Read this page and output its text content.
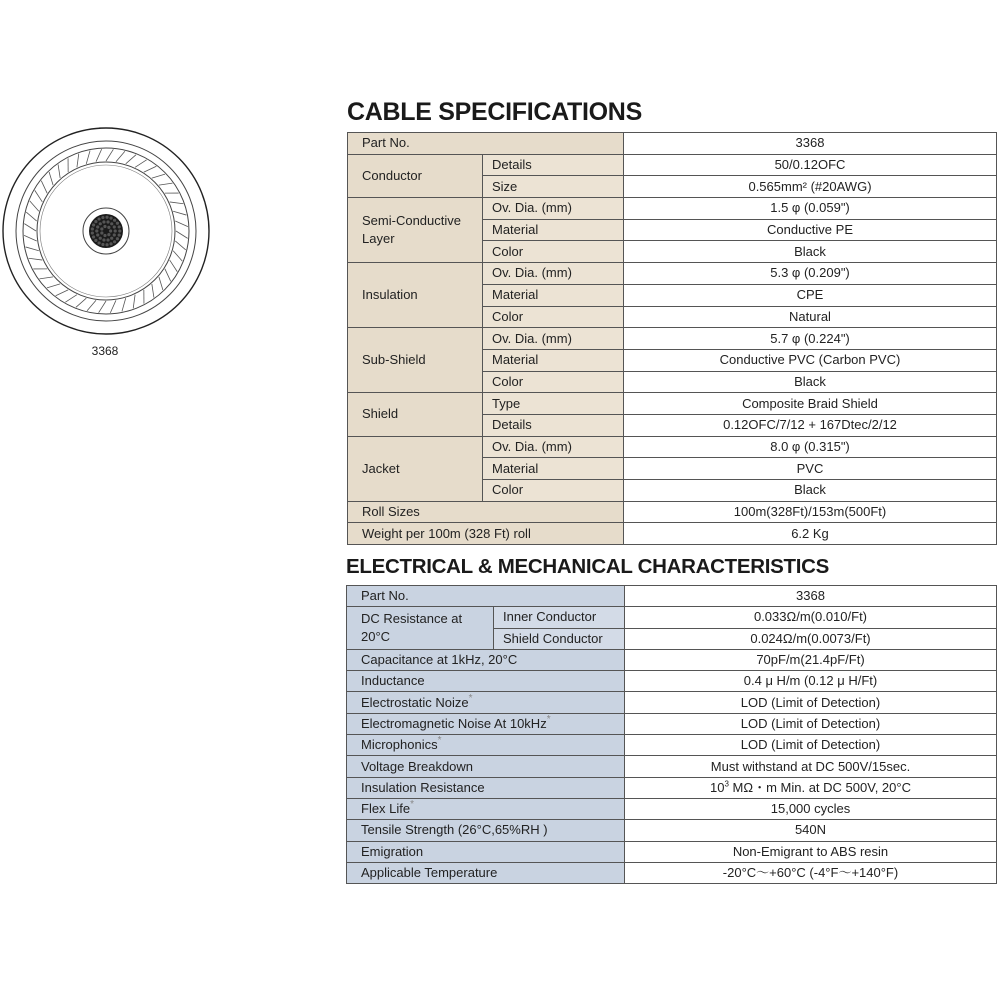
3368
CABLE SPECIFICATIONS
Part No.		3368
Conductor	Details	50/0.12OFC
	Size	0.565mm² (#20AWG)
Semi-Conductive Layer	Ov. Dia. (mm)	1.5 φ (0.059")
	Material	Conductive PE
	Color	Black
Insulation	Ov. Dia. (mm)	5.3 φ (0.209")
	Material	CPE
	Color	Natural
Sub-Shield	Ov. Dia. (mm)	5.7 φ (0.224")
	Material	Conductive PVC (Carbon PVC)
	Color	Black
Shield	Type	Composite Braid Shield
	Details	0.12OFC/7/12 + 167Dtec/2/12
Jacket	Ov. Dia. (mm)	8.0 φ (0.315")
	Material	PVC
	Color	Black
Roll Sizes		100m(328Ft)/153m(500Ft)
Weight per 100m (328 Ft) roll		6.2 Kg
ELECTRICAL & MECHANICAL CHARACTERISTICS
Part No.		3368
DC Resistance at 20°C	Inner Conductor	0.033Ω/m(0.010/Ft)
	Shield Conductor	0.024Ω/m(0.0073/Ft)
Capacitance at 1kHz, 20°C		70pF/m(21.4pF/Ft)
Inductance		0.4 μ H/m (0.12 μ H/Ft)
Electrostatic Noize*		LOD (Limit of Detection)
Electromagnetic Noise At 10kHz*		LOD (Limit of Detection)
Microphonics*		LOD (Limit of Detection)
Voltage Breakdown		Must withstand at DC 500V/15sec.
Insulation Resistance		$10^3$ MΩ・m Min. at DC 500V, 20°C
Flex Life*		15,000 cycles
Tensile Strength (26°C,65%RH )		540N
Emigration		Non-Emigrant to ABS resin
Applicable Temperature		-20°C〜+60°C (-4°F〜+140°F)
